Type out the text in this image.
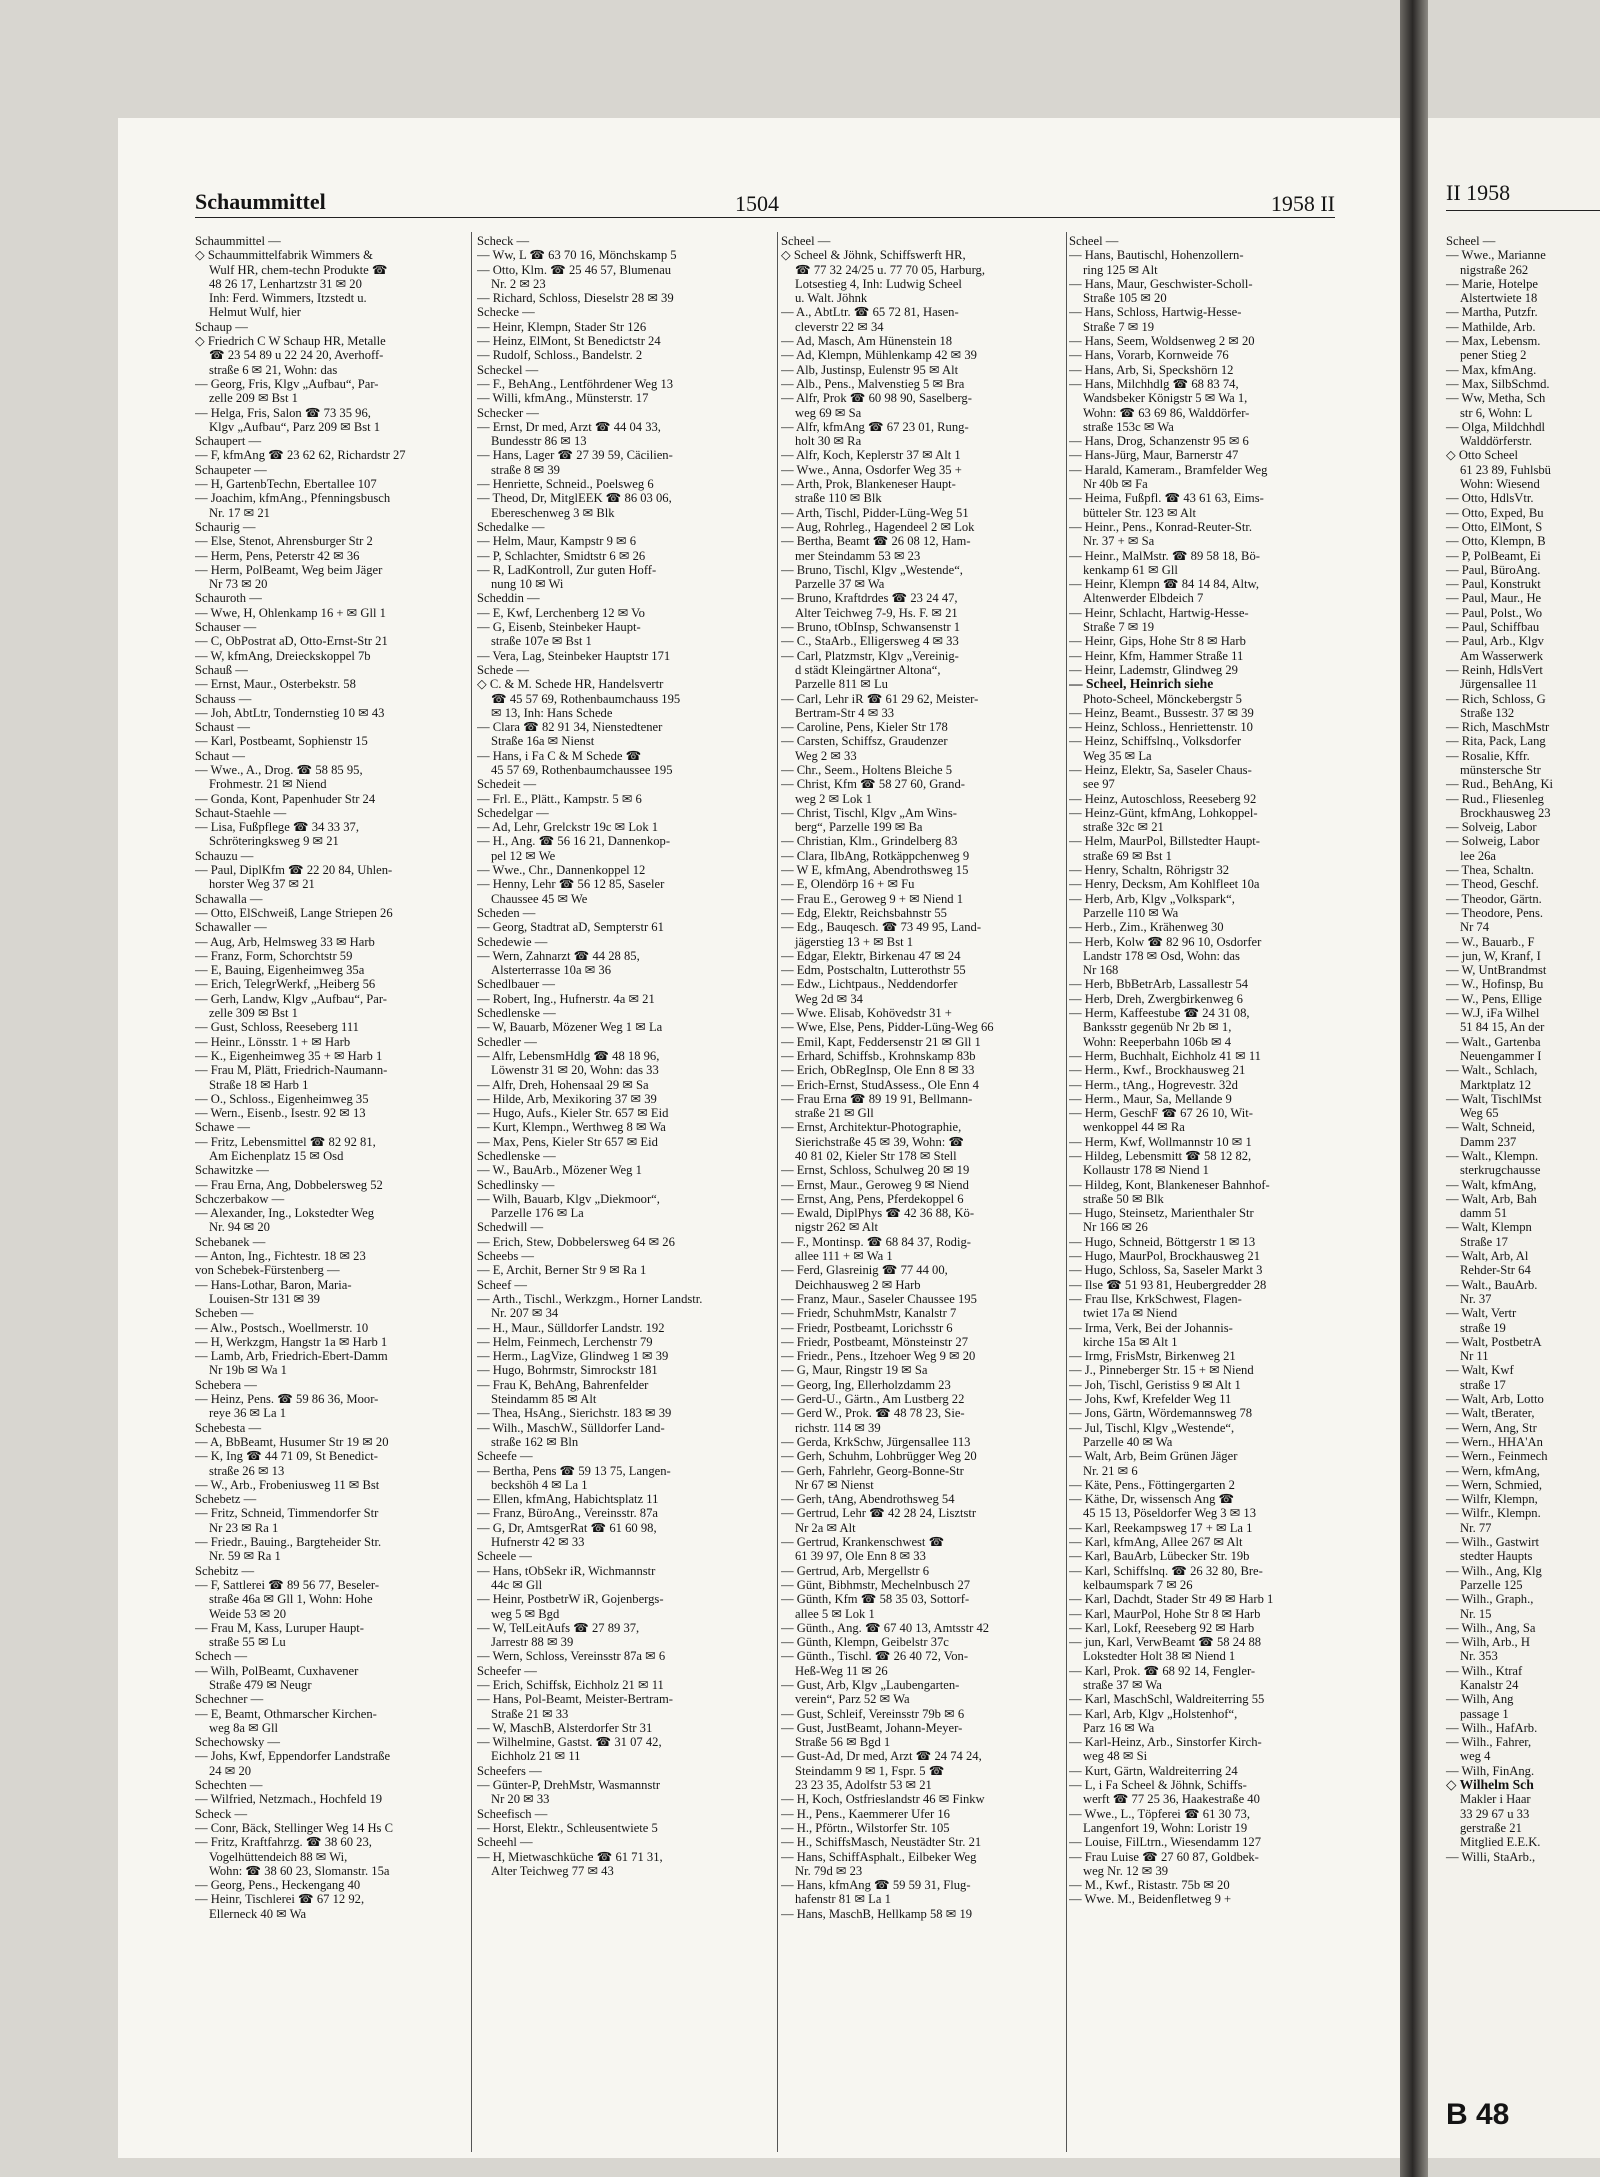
II 1958
Scheel —
— Wwe., Marianne
nigstraße 262
— Marie, Hotelpe
Alstertwiete 18
— Martha, Putzfr.
— Mathilde, Arb.
— Max, Lebensm.
pener Stieg 2
— Max, kfmAng.
— Max, SilbSchmd.
— Ww, Metha, Sch
str 6, Wohn: L
— Olga, Mildchhdl
Walddörferstr.
◇ Otto Scheel
61 23 89, Fuhlsbü
Wohn: Wiesend
— Otto, HdlsVtr.
— Otto, Exped, Bu
— Otto, ElMont, S
— Otto, Klempn, B
— P, PolBeamt, Ei
— Paul, BüroAng.
— Paul, Konstrukt
— Paul, Maur., He
— Paul, Polst., Wo
— Paul, Schiffbau
— Paul, Arb., Klgv
Am Wasserwerk
— Reinh, HdlsVert
Jürgensallee 11
— Rich, Schloss, G
Straße 132
— Rich, MaschMstr
— Rita, Pack, Lang
— Rosalie, Kffr.
münstersche Str
— Rud., BehAng, Ki
— Rud., Fliesenleg
Brockhausweg 23
— Solveig, Labor
— Solweig, Labor
lee 26a
— Thea, Schaltn.
— Theod, Geschf.
— Theodor, Gärtn.
— Theodore, Pens.
Nr 74
— W., Bauarb., F
— jun, W, Kranf, I
— W, UntBrandmst
— W., Hofinsp, Bu
— W., Pens, Ellige
— W.J, iFa Wilhel
51 84 15, An der
— Walt., Gartenba
Neuengammer I
— Walt., Schlach,
Marktplatz 12
— Walt, TischlMst
Weg 65
— Walt, Schneid,
Damm 237
— Walt., Klempn.
sterkrugchausse
— Walt, kfmAng,
— Walt, Arb, Bah
damm 51
— Walt, Klempn
Straße 17
— Walt, Arb, Al
Rehder-Str 64
— Walt., BauArb.
Nr. 37
— Walt, Vertr
straße 19
— Walt, PostbetrA
Nr 11
— Walt, Kwf
straße 17
— Walt, Arb, Lotto
— Walt, tBerater,
— Wern, Ang, Str
— Wern., HHA'An
— Wern., Feinmech
— Wern, kfmAng,
— Wern, Schmied,
— Wilfr, Klempn,
— Wilfr., Klempn.
Nr. 77
— Wilh., Gastwirt
stedter Haupts
— Wilh., Ang, Klg
Parzelle 125
— Wilh., Graph.,
Nr. 15
— Wilh., Ang, Sa
— Wilh, Arb., H
Nr. 353
— Wilh., Ktraf
Kanalstr 24
— Wilh, Ang
passage 1
— Wilh., HafArb.
— Wilh., Fahrer,
weg 4
— Wilh, FinAng.
◇ Wilhelm Sch
Makler i Haar
33 29 67 u 33
gerstraße 21
Mitglied E.E.K.
— Willi, StaArb.,
B 48
Schaummittel	1504	1958 II
Schaummittel —
◇ Schaummittelfabrik Wimmers &
Wulf HR, chem-techn Produkte ☎
48 26 17, Lenhartzstr 31 ✉ 20
Inh: Ferd. Wimmers, Itzstedt u.
Helmut Wulf, hier
Schaup —
◇ Friedrich C W Schaup HR, Metalle
☎ 23 54 89 u 22 24 20, Averhoff-
straße 6 ✉ 21, Wohn: das
— Georg, Fris, Klgv „Aufbau“, Par-
zelle 209 ✉ Bst 1
— Helga, Fris, Salon ☎ 73 35 96,
Klgv „Aufbau“, Parz 209 ✉ Bst 1
Schaupert —
— F, kfmAng ☎ 23 62 62, Richardstr 27
Schaupeter —
— H, GartenbTechn, Ebertallee 107
— Joachim, kfmAng., Pfenningsbusch
Nr. 17 ✉ 21
Schaurig —
— Else, Stenot, Ahrensburger Str 2
— Herm, Pens, Peterstr 42 ✉ 36
— Herm, PolBeamt, Weg beim Jäger
Nr 73 ✉ 20
Schauroth —
— Wwe, H, Ohlenkamp 16 + ✉ Gll 1
Schauser —
— C, ObPostrat aD, Otto-Ernst-Str 21
— W, kfmAng, Dreieckskoppel 7b
Schauß —
— Ernst, Maur., Osterbekstr. 58
Schauss —
— Joh, AbtLtr, Tondernstieg 10 ✉ 43
Schaust —
— Karl, Postbeamt, Sophienstr 15
Schaut —
— Wwe., A., Drog. ☎ 58 85 95,
Frohmestr. 21 ✉ Niend
— Gonda, Kont, Papenhuder Str 24
Schaut-Staehle —
— Lisa, Fußpflege ☎ 34 33 37,
Schröteringksweg 9 ✉ 21
Schauzu —
— Paul, DiplKfm ☎ 22 20 84, Uhlen-
horster Weg 37 ✉ 21
Schawalla —
— Otto, ElSchweiß, Lange Striepen 26
Schawaller —
— Aug, Arb, Helmsweg 33 ✉ Harb
— Franz, Form, Schorchtstr 59
— E, Bauing, Eigenheimweg 35a
— Erich, TelegrWerkf, „Heiberg 56
— Gerh, Landw, Klgv „Aufbau“, Par-
zelle 309 ✉ Bst 1
— Gust, Schloss, Reeseberg 111
— Heinr., Lönsstr. 1 + ✉ Harb
— K., Eigenheimweg 35 + ✉ Harb 1
— Frau M, Plätt, Friedrich-Naumann-
Straße 18 ✉ Harb 1
— O., Schloss., Eigenheimweg 35
— Wern., Eisenb., Isestr. 92 ✉ 13
Schawe —
— Fritz, Lebensmittel ☎ 82 92 81,
Am Eichenplatz 15 ✉ Osd
Schawitzke —
— Frau Erna, Ang, Dobbelersweg 52
Schczerbakow —
— Alexander, Ing., Lokstedter Weg
Nr. 94 ✉ 20
Schebanek —
— Anton, Ing., Fichtestr. 18 ✉ 23
von Schebek-Fürstenberg —
— Hans-Lothar, Baron, Maria-
Louisen-Str 131 ✉ 39
Scheben —
— Alw., Postsch., Woellmerstr. 10
— H, Werkzgm, Hangstr 1a ✉ Harb 1
— Lamb, Arb, Friedrich-Ebert-Damm
Nr 19b ✉ Wa 1
Schebera —
— Heinz, Pens. ☎ 59 86 36, Moor-
reye 36 ✉ La 1
Schebesta —
— A, BbBeamt, Husumer Str 19 ✉ 20
— K, Ing ☎ 44 71 09, St Benedict-
straße 26 ✉ 13
— W., Arb., Frobeniusweg 11 ✉ Bst
Schebetz —
— Fritz, Schneid, Timmendorfer Str
Nr 23 ✉ Ra 1
— Friedr., Bauing., Bargteheider Str.
Nr. 59 ✉ Ra 1
Schebitz —
— F, Sattlerei ☎ 89 56 77, Beseler-
straße 46a ✉ Gll 1, Wohn: Hohe
Weide 53 ✉ 20
— Frau M, Kass, Luruper Haupt-
straße 55 ✉ Lu
Schech —
— Wilh, PolBeamt, Cuxhavener
Straße 479 ✉ Neugr
Schechner —
— E, Beamt, Othmarscher Kirchen-
weg 8a ✉ Gll
Schechowsky —
— Johs, Kwf, Eppendorfer Landstraße
24 ✉ 20
Schechten —
— Wilfried, Netzmach., Hochfeld 19
Scheck —
— Conr, Bäck, Stellinger Weg 14 Hs C
— Fritz, Kraftfahrzg. ☎ 38 60 23,
Vogelhüttendeich 88 ✉ Wi,
Wohn: ☎ 38 60 23, Slomanstr. 15a
— Georg, Pens., Heckengang 40
— Heinr, Tischlerei ☎ 67 12 92,
Ellerneck 40 ✉ Wa
Scheck —
— Ww, L ☎ 63 70 16, Mönchskamp 5
— Otto, Klm. ☎ 25 46 57, Blumenau
Nr. 2 ✉ 23
— Richard, Schloss, Dieselstr 28 ✉ 39
Schecke —
— Heinr, Klempn, Stader Str 126
— Heinz, ElMont, St Benedictstr 24
— Rudolf, Schloss., Bandelstr. 2
Scheckel —
— F., BehAng., Lentföhrdener Weg 13
— Willi, kfmAng., Münsterstr. 17
Schecker —
— Ernst, Dr med, Arzt ☎ 44 04 33,
Bundesstr 86 ✉ 13
— Hans, Lager ☎ 27 39 59, Cäcilien-
straße 8 ✉ 39
— Henriette, Schneid., Poelsweg 6
— Theod, Dr, MitglEEK ☎ 86 03 06,
Ebereschenweg 3 ✉ Blk
Schedalke —
— Helm, Maur, Kampstr 9 ✉ 6
— P, Schlachter, Smidtstr 6 ✉ 26
— R, LadKontroll, Zur guten Hoff-
nung 10 ✉ Wi
Scheddin —
— E, Kwf, Lerchenberg 12 ✉ Vo
— G, Eisenb, Steinbeker Haupt-
straße 107e ✉ Bst 1
— Vera, Lag, Steinbeker Hauptstr 171
Schede —
◇ C. & M. Schede HR, Handelsvertr
☎ 45 57 69, Rothenbaumchauss 195
✉ 13, Inh: Hans Schede
— Clara ☎ 82 91 34, Nienstedtener
Straße 16a ✉ Nienst
— Hans, i Fa C & M Schede ☎
45 57 69, Rothenbaumchaussee 195
Schedeit —
— Frl. E., Plätt., Kampstr. 5 ✉ 6
Schedelgar —
— Ad, Lehr, Grelckstr 19c ✉ Lok 1
— H., Ang. ☎ 56 16 21, Dannenkop-
pel 12 ✉ We
— Wwe., Chr., Dannenkoppel 12
— Henny, Lehr ☎ 56 12 85, Saseler
Chaussee 45 ✉ We
Scheden —
— Georg, Stadtrat aD, Sempterstr 61
Schedewie —
— Wern, Zahnarzt ☎ 44 28 85,
Alsterterrasse 10a ✉ 36
Schedlbauer —
— Robert, Ing., Hufnerstr. 4a ✉ 21
Schedlenske —
— W, Bauarb, Mözener Weg 1 ✉ La
Schedler —
— Alfr, LebensmHdlg ☎ 48 18 96,
Löwenstr 31 ✉ 20, Wohn: das 33
— Alfr, Dreh, Hohensaal 29 ✉ Sa
— Hilde, Arb, Mexikoring 37 ✉ 39
— Hugo, Aufs., Kieler Str. 657 ✉ Eid
— Kurt, Klempn., Werthweg 8 ✉ Wa
— Max, Pens, Kieler Str 657 ✉ Eid
Schedlenske —
— W., BauArb., Mözener Weg 1
Schedlinsky —
— Wilh, Bauarb, Klgv „Diekmoor“,
Parzelle 176 ✉ La
Schedwill —
— Erich, Stew, Dobbelersweg 64 ✉ 26
Scheebs —
— E, Archit, Berner Str 9 ✉ Ra 1
Scheef —
— Arth., Tischl., Werkzgm., Horner Landstr.
Nr. 207 ✉ 34
— H., Maur., Sülldorfer Landstr. 192
— Helm, Feinmech, Lerchenstr 79
— Herm., LagVize, Glindweg 1 ✉ 39
— Hugo, Bohrmstr, Simrockstr 181
— Frau K, BehAng, Bahrenfelder
Steindamm 85 ✉ Alt
— Thea, HsAng., Sierichstr. 183 ✉ 39
— Wilh., MaschW., Sülldorfer Land-
straße 162 ✉ Bln
Scheefe —
— Bertha, Pens ☎ 59 13 75, Langen-
beckshöh 4 ✉ La 1
— Ellen, kfmAng, Habichtsplatz 11
— Franz, BüroAng., Vereinsstr. 87a
— G, Dr, AmtsgerRat ☎ 61 60 98,
Hufnerstr 42 ✉ 33
Scheele —
— Hans, tObSekr iR, Wichmannstr
44c ✉ Gll
— Heinr, PostbetrW iR, Gojenbergs-
weg 5 ✉ Bgd
— W, TelLeitAufs ☎ 27 89 37,
Jarrestr 88 ✉ 39
— Wern, Schloss, Vereinsstr 87a ✉ 6
Scheefer —
— Erich, Schiffsk, Eichholz 21 ✉ 11
— Hans, Pol-Beamt, Meister-Bertram-
Straße 21 ✉ 33
— W, MaschB, Alsterdorfer Str 31
— Wilhelmine, Gastst. ☎ 31 07 42,
Eichholz 21 ✉ 11
Scheefers —
— Günter-P, DrehMstr, Wasmannstr
Nr 20 ✉ 33
Scheefisch —
— Horst, Elektr., Schleusentwiete 5
Scheehl —
— H, Mietwaschküche ☎ 61 71 31,
Alter Teichweg 77 ✉ 43
Scheel —
◇ Scheel & Jöhnk, Schiffswerft HR,
☎ 77 32 24/25 u. 77 70 05, Harburg,
Lotsestieg 4, Inh: Ludwig Scheel
u. Walt. Jöhnk
— A., AbtLtr. ☎ 65 72 81, Hasen-
cleverstr 22 ✉ 34
— Ad, Masch, Am Hünenstein 18
— Ad, Klempn, Mühlenkamp 42 ✉ 39
— Alb, Justinsp, Eulenstr 95 ✉ Alt
— Alb., Pens., Malvenstieg 5 ✉ Bra
— Alfr, Prok ☎ 60 98 90, Saselberg-
weg 69 ✉ Sa
— Alfr, kfmAng ☎ 67 23 01, Rung-
holt 30 ✉ Ra
— Alfr, Koch, Keplerstr 37 ✉ Alt 1
— Wwe., Anna, Osdorfer Weg 35 +
— Arth, Prok, Blankeneser Haupt-
straße 110 ✉ Blk
— Arth, Tischl, Pidder-Lüng-Weg 51
— Aug, Rohrleg., Hagendeel 2 ✉ Lok
— Bertha, Beamt ☎ 26 08 12, Ham-
mer Steindamm 53 ✉ 23
— Bruno, Tischl, Klgv „Westende“,
Parzelle 37 ✉ Wa
— Bruno, Kraftdrdes ☎ 23 24 47,
Alter Teichweg 7-9, Hs. F. ✉ 21
— Bruno, tObInsp, Schwansenstr 1
— C., StaArb., Elligersweg 4 ✉ 33
— Carl, Platzmstr, Klgv „Vereinig-
d städt Kleingärtner Altona“,
Parzelle 811 ✉ Lu
— Carl, Lehr iR ☎ 61 29 62, Meister-
Bertram-Str 4 ✉ 33
— Caroline, Pens, Kieler Str 178
— Carsten, Schiffsz, Graudenzer
Weg 2 ✉ 33
— Chr., Seem., Holtens Bleiche 5
— Christ, Kfm ☎ 58 27 60, Grand-
weg 2 ✉ Lok 1
— Christ, Tischl, Klgv „Am Wins-
berg“, Parzelle 199 ✉ Ba
— Christian, Klm., Grindelberg 83
— Clara, IlbAng, Rotkäppchenweg 9
— W E, kfmAng, Abendrothsweg 15
— E, Olendörp 16 + ✉ Fu
— Frau E., Geroweg 9 + ✉ Niend 1
— Edg, Elektr, Reichsbahnstr 55
— Edg., Bauqesch. ☎ 73 49 95, Land-
jägerstieg 13 + ✉ Bst 1
— Edgar, Elektr, Birkenau 47 ✉ 24
— Edm, Postschaltn, Lutterothstr 55
— Edw., Lichtpaus., Neddendorfer
Weg 2d ✉ 34
— Wwe. Elisab, Kohövedstr 31 +
— Wwe, Else, Pens, Pidder-Lüng-Weg 66
— Emil, Kapt, Feddersenstr 21 ✉ Gll 1
— Erhard, Schiffsb., Krohnskamp 83b
— Erich, ObRegInsp, Ole Enn 8 ✉ 33
— Erich-Ernst, StudAssess., Ole Enn 4
— Frau Erna ☎ 89 19 91, Bellmann-
straße 21 ✉ Gll
— Ernst, Architektur-Photographie,
Sierichstraße 45 ✉ 39, Wohn: ☎
40 81 02, Kieler Str 178 ✉ Stell
— Ernst, Schloss, Schulweg 20 ✉ 19
— Ernst, Maur., Geroweg 9 ✉ Niend
— Ernst, Ang, Pens, Pferdekoppel 6
— Ewald, DiplPhys ☎ 42 36 88, Kö-
nigstr 262 ✉ Alt
— F., Montinsp. ☎ 68 84 37, Rodig-
allee 111 + ✉ Wa 1
— Ferd, Glasreinig ☎ 77 44 00,
Deichhausweg 2 ✉ Harb
— Franz, Maur., Saseler Chaussee 195
— Friedr, SchuhmMstr, Kanalstr 7
— Friedr, Postbeamt, Lorichsstr 6
— Friedr, Postbeamt, Mönsteinstr 27
— Friedr., Pens., Itzehoer Weg 9 ✉ 20
— G, Maur, Ringstr 19 ✉ Sa
— Georg, Ing, Ellerholzdamm 23
— Gerd-U., Gärtn., Am Lustberg 22
— Gerd W., Prok. ☎ 48 78 23, Sie-
richstr. 114 ✉ 39
— Gerda, KrkSchw, Jürgensallee 113
— Gerh, Schuhm, Lohbrügger Weg 20
— Gerh, Fahrlehr, Georg-Bonne-Str
Nr 67 ✉ Nienst
— Gerh, tAng, Abendrothsweg 54
— Gertrud, Lehr ☎ 42 28 24, Lisztstr
Nr 2a ✉ Alt
— Gertrud, Krankenschwest ☎
61 39 97, Ole Enn 8 ✉ 33
— Gertrud, Arb, Mergellstr 6
— Günt, Bibhmstr, Mechelnbusch 27
— Günth, Kfm ☎ 58 35 03, Sottorf-
allee 5 ✉ Lok 1
— Günth., Ang. ☎ 67 40 13, Amtsstr 42
— Günth, Klempn, Geibelstr 37c
— Günth., Tischl. ☎ 26 40 72, Von-
Heß-Weg 11 ✉ 26
— Gust, Arb, Klgv „Laubengarten-
verein“, Parz 52 ✉ Wa
— Gust, Schleif, Vereinsstr 79b ✉ 6
— Gust, JustBeamt, Johann-Meyer-
Straße 56 ✉ Bgd 1
— Gust-Ad, Dr med, Arzt ☎ 24 74 24,
Steindamm 9 ✉ 1, Fspr. 5 ☎
23 23 35, Adolfstr 53 ✉ 21
— H, Koch, Ostfrieslandstr 46 ✉ Finkw
— H., Pens., Kaemmerer Ufer 16
— H., Pförtn., Wilstorfer Str. 105
— H., SchiffsMasch, Neustädter Str. 21
— Hans, SchiffAsphalt., Eilbeker Weg
Nr. 79d ✉ 23
— Hans, kfmAng ☎ 59 59 31, Flug-
hafenstr 81 ✉ La 1
— Hans, MaschB, Hellkamp 58 ✉ 19
Scheel —
— Hans, Bautischl, Hohenzollern-
ring 125 ✉ Alt
— Hans, Maur, Geschwister-Scholl-
Straße 105 ✉ 20
— Hans, Schloss, Hartwig-Hesse-
Straße 7 ✉ 19
— Hans, Seem, Woldsenweg 2 ✉ 20
— Hans, Vorarb, Kornweide 76
— Hans, Arb, Si, Speckshörn 12
— Hans, Milchhdlg ☎ 68 83 74,
Wandsbeker Königstr 5 ✉ Wa 1,
Wohn: ☎ 63 69 86, Walddörfer-
straße 153c ✉ Wa
— Hans, Drog, Schanzenstr 95 ✉ 6
— Hans-Jürg, Maur, Barnerstr 47
— Harald, Kameram., Bramfelder Weg
Nr 40b ✉ Fa
— Heima, Fußpfl. ☎ 43 61 63, Eims-
bütteler Str. 123 ✉ Alt
— Heinr., Pens., Konrad-Reuter-Str.
Nr. 37 + ✉ Sa
— Heinr., MalMstr. ☎ 89 58 18, Bö-
kenkamp 61 ✉ Gll
— Heinr, Klempn ☎ 84 14 84, Altw,
Altenwerder Elbdeich 7
— Heinr, Schlacht, Hartwig-Hesse-
Straße 7 ✉ 19
— Heinr, Gips, Hohe Str 8 ✉ Harb
— Heinr, Kfm, Hammer Straße 11
— Heinr, Lademstr, Glindweg 29
— Scheel, Heinrich siehe
Photo-Scheel, Mönckebergstr 5
— Heinz, Beamt., Bussestr. 37 ✉ 39
— Heinz, Schloss., Henriettenstr. 10
— Heinz, Schiffslnq., Volksdorfer
Weg 35 ✉ La
— Heinz, Elektr, Sa, Saseler Chaus-
see 97
— Heinz, Autoschloss, Reeseberg 92
— Heinz-Günt, kfmAng, Lohkoppel-
straße 32c ✉ 21
— Helm, MaurPol, Billstedter Haupt-
straße 69 ✉ Bst 1
— Henry, Schaltn, Röhrigstr 32
— Henry, Decksm, Am Kohlfleet 10a
— Herb, Arb, Klgv „Volkspark“,
Parzelle 110 ✉ Wa
— Herb., Zim., Krähenweg 30
— Herb, Kolw ☎ 82 96 10, Osdorfer
Landstr 178 ✉ Osd, Wohn: das
Nr 168
— Herb, BbBetrArb, Lassallestr 54
— Herb, Dreh, Zwergbirkenweg 6
— Herm, Kaffeestube ☎ 24 31 08,
Banksstr gegenüb Nr 2b ✉ 1,
Wohn: Reeperbahn 106b ✉ 4
— Herm, Buchhalt, Eichholz 41 ✉ 11
— Herm., Kwf., Brockhausweg 21
— Herm., tAng., Hogrevestr. 32d
— Herm., Maur, Sa, Mellande 9
— Herm, GeschF ☎ 67 26 10, Wit-
wenkoppel 44 ✉ Ra
— Herm, Kwf, Wollmannstr 10 ✉ 1
— Hildeg, Lebensmitt ☎ 58 12 82,
Kollaustr 178 ✉ Niend 1
— Hildeg, Kont, Blankeneser Bahnhof-
straße 50 ✉ Blk
— Hugo, Steinsetz, Marienthaler Str
Nr 166 ✉ 26
— Hugo, Schneid, Böttgerstr 1 ✉ 13
— Hugo, MaurPol, Brockhausweg 21
— Hugo, Schloss, Sa, Saseler Markt 3
— Ilse ☎ 51 93 81, Heubergredder 28
— Frau Ilse, KrkSchwest, Flagen-
twiet 17a ✉ Niend
— Irma, Verk, Bei der Johannis-
kirche 15a ✉ Alt 1
— Irmg, FrisMstr, Birkenweg 21
— J., Pinneberger Str. 15 + ✉ Niend
— Joh, Tischl, Geristiss 9 ✉ Alt 1
— Johs, Kwf, Krefelder Weg 11
— Jons, Gärtn, Wördemannsweg 78
— Jul, Tischl, Klgv „Westende“,
Parzelle 40 ✉ Wa
— Walt, Arb, Beim Grünen Jäger
Nr. 21 ✉ 6
— Käte, Pens., Föttingergarten 2
— Käthe, Dr, wissensch Ang ☎
45 15 13, Pöseldorfer Weg 3 ✉ 13
— Karl, Reekampsweg 17 + ✉ La 1
— Karl, kfmAng, Allee 267 ✉ Alt
— Karl, BauArb, Lübecker Str. 19b
— Karl, Schiffslnq. ☎ 26 32 80, Bre-
kelbaumspark 7 ✉ 26
— Karl, Dachdt, Stader Str 49 ✉ Harb 1
— Karl, MaurPol, Hohe Str 8 ✉ Harb
— Karl, Lokf, Reeseberg 92 ✉ Harb
— jun, Karl, VerwBeamt ☎ 58 24 88
Lokstedter Holt 38 ✉ Niend 1
— Karl, Prok. ☎ 68 92 14, Fengler-
straße 37 ✉ Wa
— Karl, MaschSchl, Waldreiterring 55
— Karl, Arb, Klgv „Holstenhof“,
Parz 16 ✉ Wa
— Karl-Heinz, Arb., Sinstorfer Kirch-
weg 48 ✉ Si
— Kurt, Gärtn, Waldreiterring 24
— L, i Fa Scheel & Jöhnk, Schiffs-
werft ☎ 77 25 36, Haakestraße 40
— Wwe., L., Töpferei ☎ 61 30 73,
Langenfort 19, Wohn: Loristr 19
— Louise, FilLtrn., Wiesendamm 127
— Frau Luise ☎ 27 60 87, Goldbek-
weg Nr. 12 ✉ 39
— M., Kwf., Ristastr. 75b ✉ 20
— Wwe. M., Beidenfletweg 9 +
